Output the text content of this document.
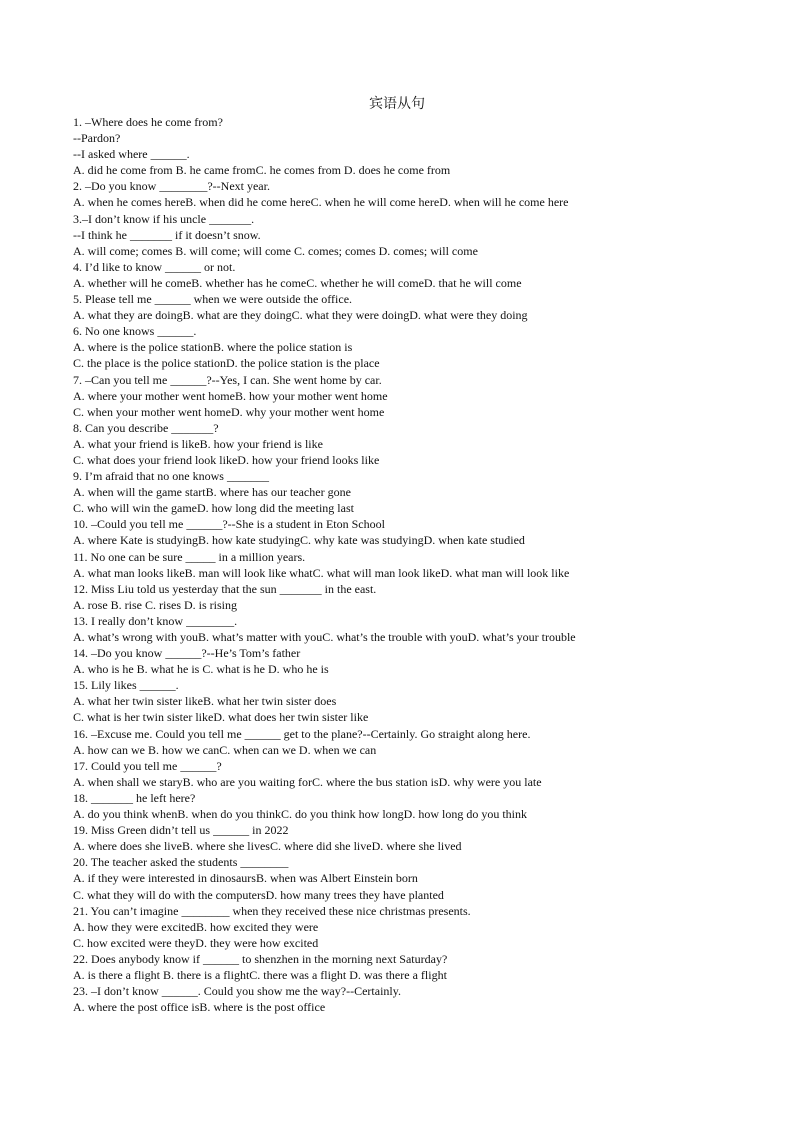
宾语从句
1. –Where does he come from?
--Pardon?
--I asked where ______.
A. did he come from B. he came fromC. he comes from D. does he come from
2. –Do you know ________?--Next year.
A. when he comes hereB. when did he come hereC. when he will come hereD. when will he come here
3.–I don’t know if his uncle _______.
--I think he _______ if it doesn’t snow.
A. will come; comes B. will come; will come C. comes; comes D. comes; will come
4. I’d like to know ______ or not.
A. whether will he comeB. whether has he comeC. whether he will comeD. that he will come
5. Please tell me ______ when we were outside the office.
A. what they are doingB. what are they doingC. what they were doingD. what were they doing
6. No one knows ______.
A. where is the police stationB. where the police station is
C. the place is the police stationD. the police station is the place
7. –Can you tell me ______?--Yes, I can. She went home by car.
A. where your mother went homeB. how your mother went home
C. when your mother went homeD. why your mother went home
8. Can you describe _______?
A. what your friend is likeB. how your friend is like
C. what does your friend look likeD. how your friend looks like
9. I’m afraid that no one knows _______
A. when will the game startB. where has our teacher gone
C. who will win the gameD. how long did the meeting last
10. –Could you tell me ______?--She is a student in Eton School
A. where Kate is studyingB. how kate studyingC. why kate was studyingD. when kate studied
11. No one can be sure _____ in a million years.
A. what man looks likeB. man will look like whatC. what will man look likeD. what man will look like
12. Miss Liu told us yesterday that the sun _______ in the east.
A. rose B. rise C. rises D. is rising
13. I really don’t know ________.
A. what’s wrong with youB. what’s matter with youC. what’s the trouble with youD. what’s your trouble
14. –Do you know ______?--He’s Tom’s father
A. who is he B. what he is C. what is he D. who he is
15. Lily likes ______.
A. what her twin sister likeB. what her twin sister does
C. what is her twin sister likeD. what does her twin sister like
16. –Excuse me. Could you tell me ______ get to the plane?--Certainly. Go straight along here.
A. how can we B. how we canC. when can we D. when we can
17. Could you tell me ______?
A. when shall we staryB. who are you waiting forC. where the bus station isD. why were you late
18. _______ he left here?
A. do you think whenB. when do you thinkC. do you think how longD. how long do you think
19. Miss Green didn’t tell us ______ in 2022
A. where does she liveB. where she livesC. where did she liveD. where she lived
20. The teacher asked the students ________
A. if they were interested in dinosaursB. when was Albert Einstein born
C. what they will do with the computersD. how many trees they have planted
21. You can’t imagine ________ when they received these nice christmas presents.
A. how they were excitedB. how excited they were
C. how excited were theyD. they were how excited
22. Does anybody know if ______ to shenzhen in the morning next Saturday?
A. is there a flight B. there is a flightC. there was a flight D. was there a flight
23. –I don’t know ______. Could you show me the way?--Certainly.
A. where the post office isB. where is the post office
